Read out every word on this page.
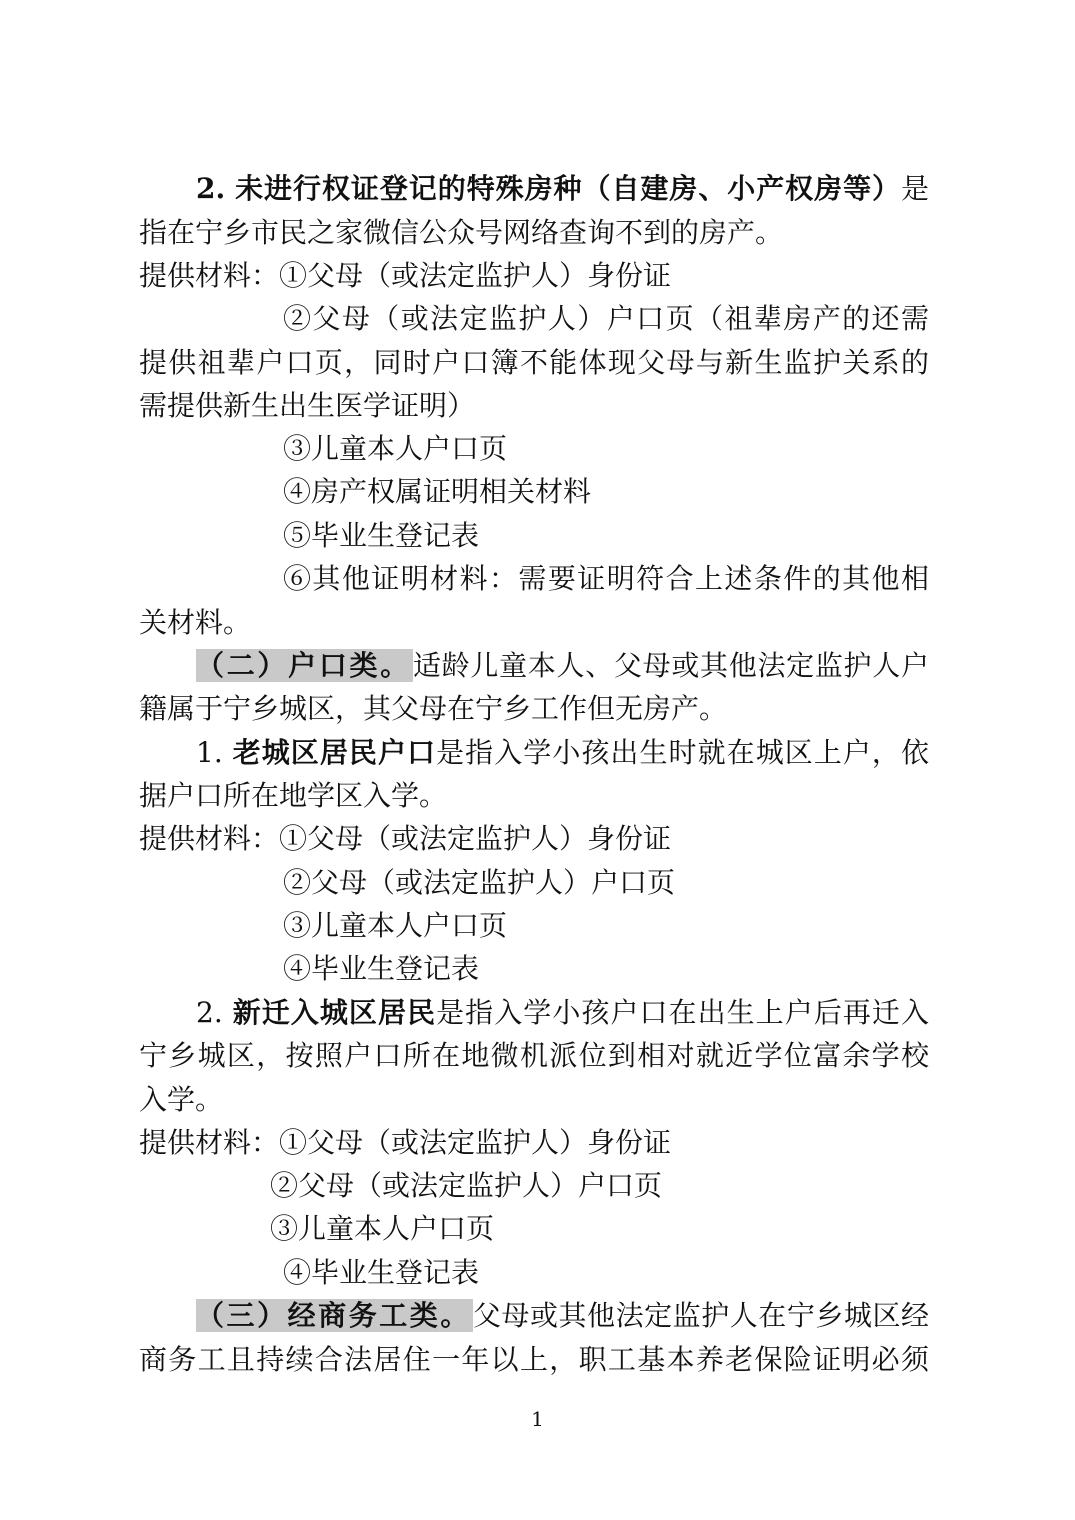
2. 未进行权证登记的特殊房种（自建房、小产权房等）是
指在宁乡市民之家微信公众号网络查询不到的房产。
提供材料：①父母（或法定监护人）身份证
②父母（或法定监护人）户口页（祖辈房产的还需
提供祖辈户口页，同时户口簿不能体现父母与新生监护关系的
需提供新生出生医学证明）
③儿童本人户口页
④房产权属证明相关材料
⑤毕业生登记表
⑥其他证明材料：需要证明符合上述条件的其他相
关材料。
（二）户口类。适龄儿童本人、父母或其他法定监护人户
籍属于宁乡城区，其父母在宁乡工作但无房产。
1. 老城区居民户口是指入学小孩出生时就在城区上户，依
据户口所在地学区入学。
提供材料：①父母（或法定监护人）身份证
②父母（或法定监护人）户口页
③儿童本人户口页
④毕业生登记表
2. 新迁入城区居民是指入学小孩户口在出生上户后再迁入
宁乡城区，按照户口所在地微机派位到相对就近学位富余学校
入学。
提供材料：①父母（或法定监护人）身份证
②父母（或法定监护人）户口页
③儿童本人户口页
④毕业生登记表
（三）经商务工类。父母或其他法定监护人在宁乡城区经
商务工且持续合法居住一年以上，职工基本养老保险证明必须
1
